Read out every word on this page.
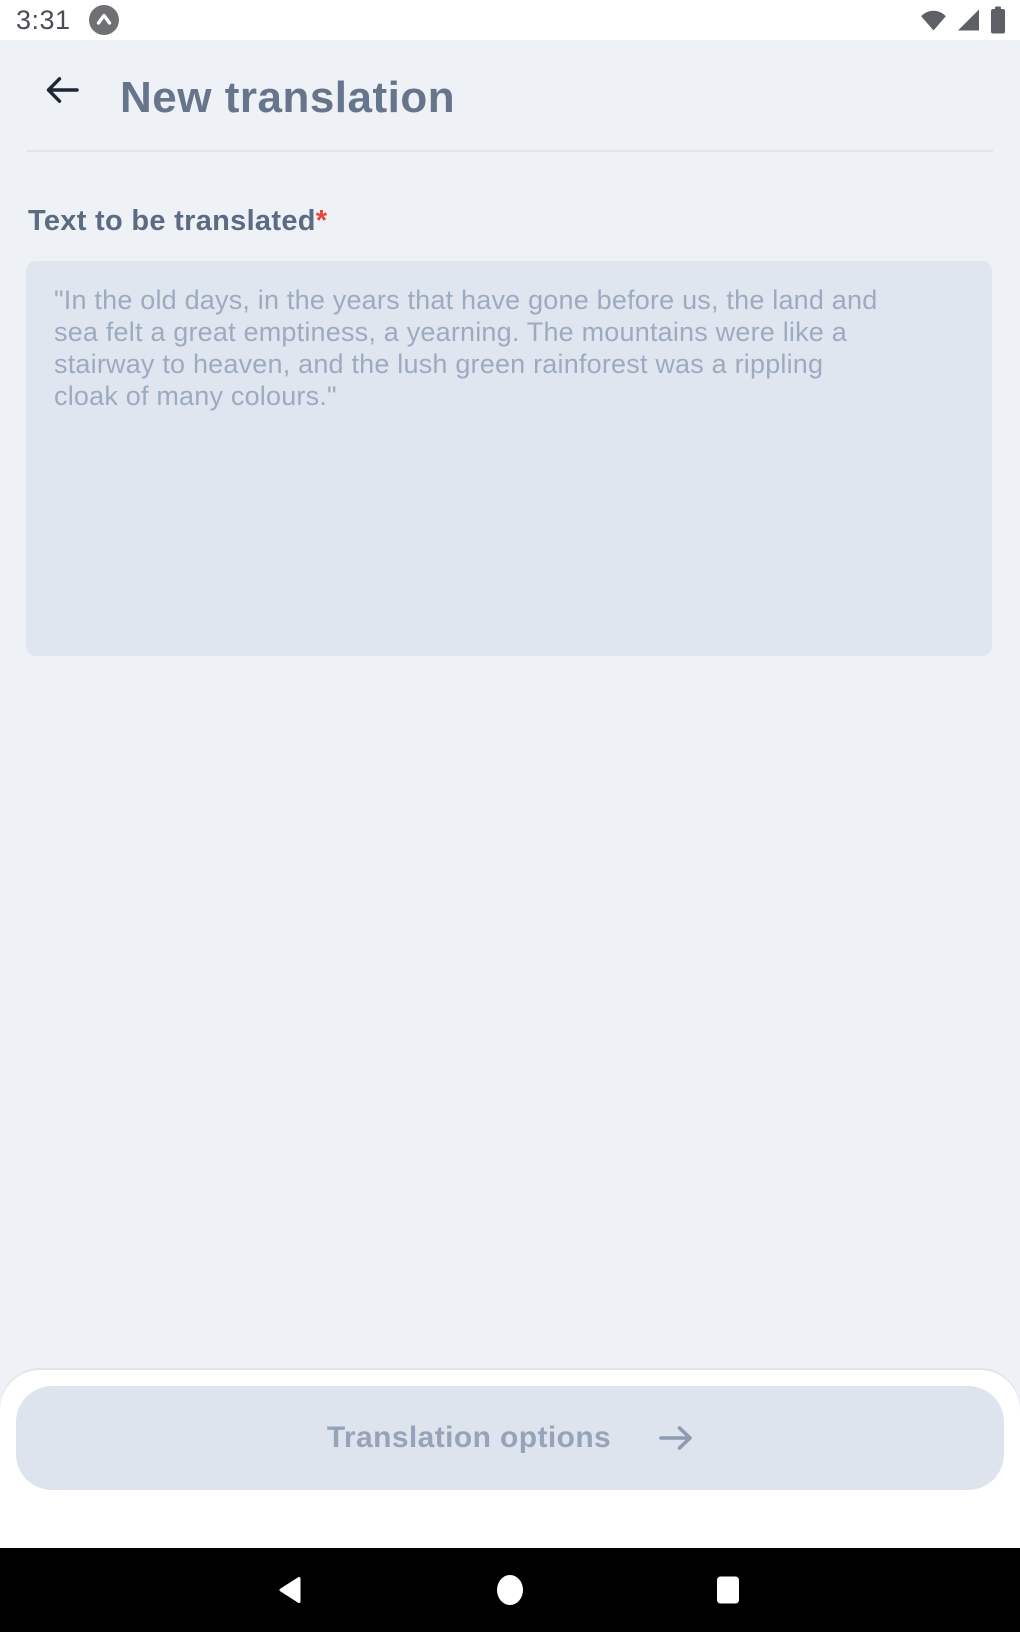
3:31
New translation
Text to be translated*
"In the old days, in the years that have gone before us, the land and sea felt a great emptiness, a yearning. The mountains were like a stairway to heaven, and the lush green rainforest was a rippling cloak of many colours."
Translation options
